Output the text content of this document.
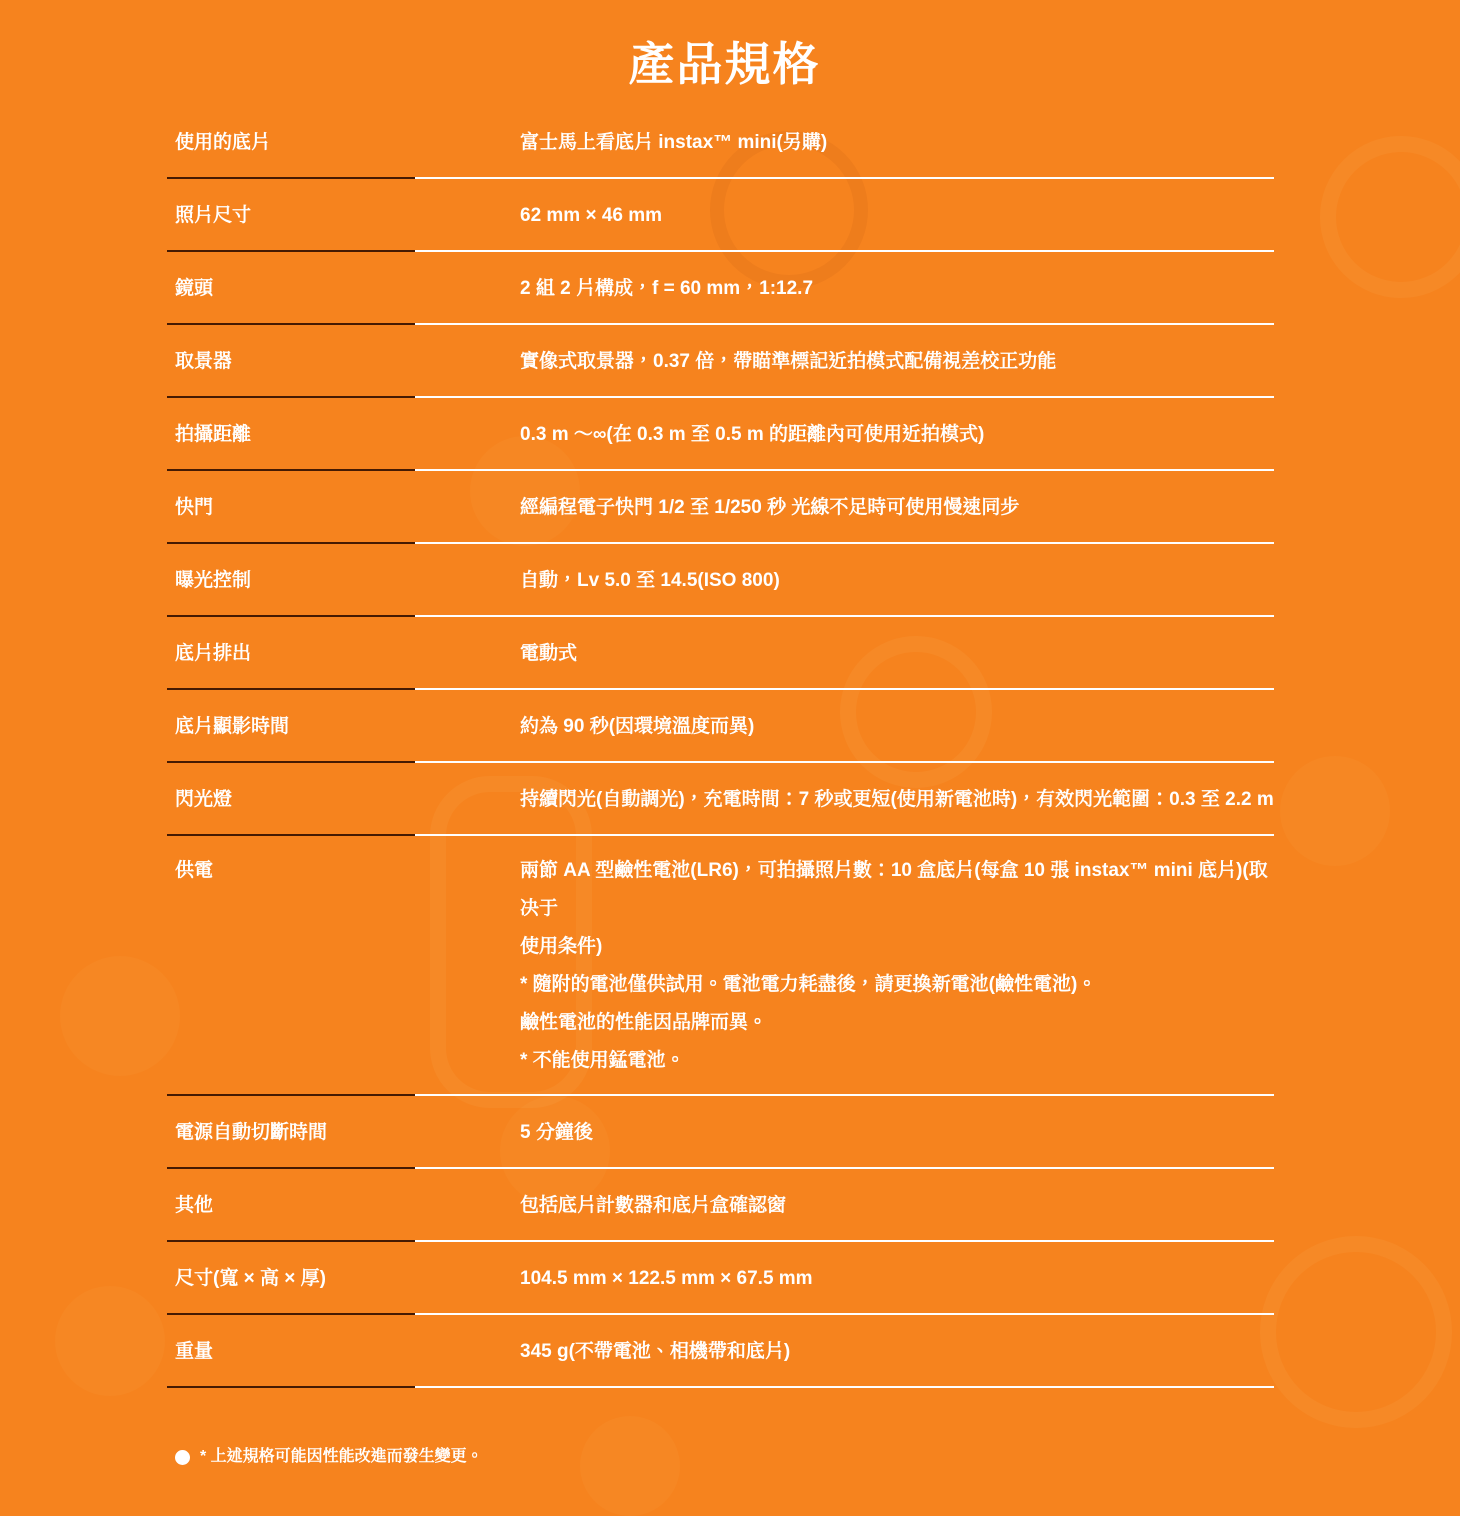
產品規格
使用的底片	富士馬上看底片 instax™ mini(另購)
照片尺寸	62 mm × 46 mm
鏡頭	2 組 2 片構成，f = 60 mm，1:12.7
取景器	實像式取景器，0.37 倍，帶瞄準標記近拍模式配備視差校正功能
拍攝距離	0.3 m ～∞(在 0.3 m 至 0.5 m 的距離內可使用近拍模式)
快門	經編程電子快門 1/2 至 1/250 秒 光線不足時可使用慢速同步
曝光控制	自動，Lv 5.0 至 14.5(ISO 800)
底片排出	電動式
底片顯影時間	約為 90 秒(因環境溫度而異)
閃光燈	持續閃光(自動調光)，充電時間：7 秒或更短(使用新電池時)，有效閃光範圍：0.3 至 2.2 m
供電	兩節 AA 型鹼性電池(LR6)，可拍攝照片數：10 盒底片(每盒 10 張 instax™ mini 底片)(取决于
使用条件)
* 隨附的電池僅供試用。電池電力耗盡後，請更換新電池(鹼性電池)。
鹼性電池的性能因品牌而異。
* 不能使用錳電池。
電源自動切斷時間	5 分鐘後
其他	包括底片計數器和底片盒確認窗
尺寸(寬 × 高 × 厚)	104.5 mm × 122.5 mm × 67.5 mm
重量	345 g(不帶電池、相機帶和底片)
* 上述規格可能因性能改進而發生變更。
